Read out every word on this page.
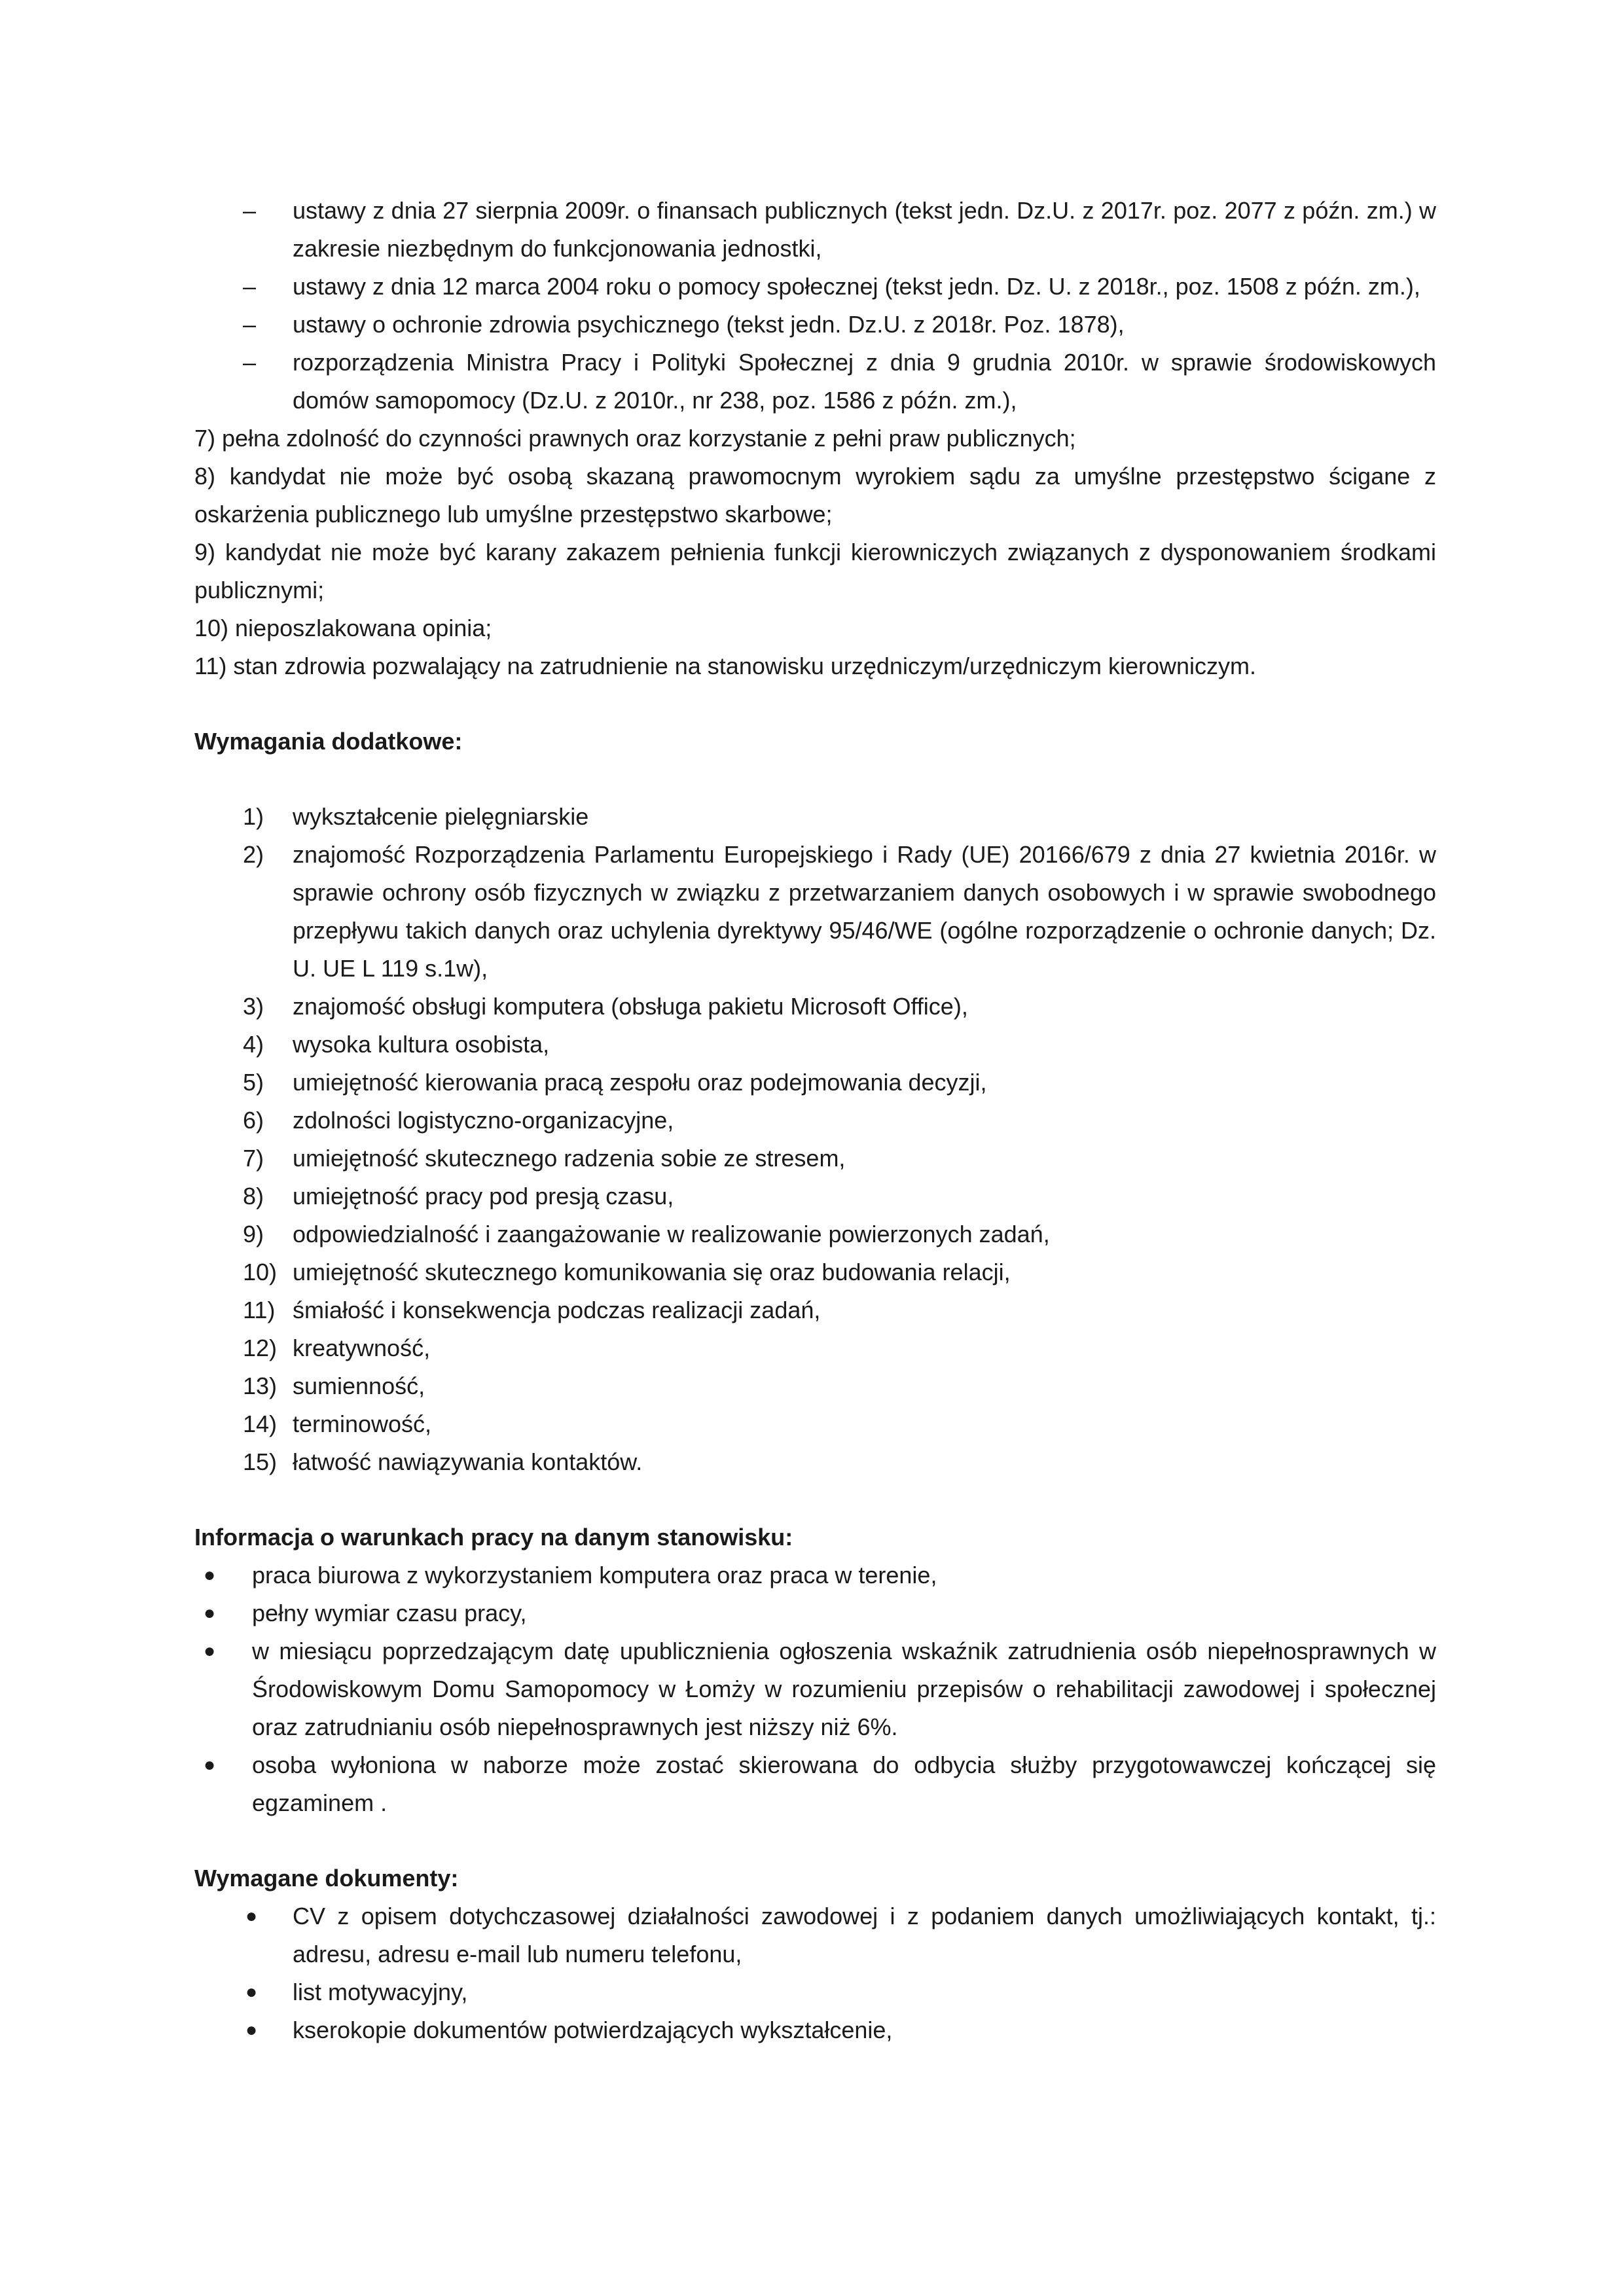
– ustawy z dnia 27 sierpnia 2009r. o finansach publicznych (tekst jedn. Dz.U. z 2017r. poz. 2077 z późn. zm.) w zakresie niezbędnym do funkcjonowania jednostki,
– ustawy z dnia 12 marca 2004 roku o pomocy społecznej (tekst jedn. Dz. U. z 2018r., poz. 1508 z późn. zm.),
– ustawy o ochronie zdrowia psychicznego (tekst jedn. Dz.U. z 2018r. Poz. 1878),
– rozporządzenia Ministra Pracy i Polityki Społecznej z dnia 9 grudnia 2010r. w sprawie środowiskowych domów samopomocy (Dz.U. z 2010r., nr 238, poz. 1586 z późn. zm.),

7) pełna zdolność do czynności prawnych oraz korzystanie z pełni praw publicznych;

8) kandydat nie może być osobą skazaną prawomocnym wyrokiem sądu za umyślne przestępstwo ścigane z oskarżenia publicznego lub umyślne przestępstwo skarbowe;

9) kandydat nie może być karany zakazem pełnienia funkcji kierowniczych związanych z dysponowaniem środkami publicznymi;

10) nieposzlakowana opinia;

11) stan zdrowia pozwalający na zatrudnienie na stanowisku urzędniczym/urzędniczym kierowniczym.

Wymagania dodatkowe:
1) wykształcenie pielęgniarskie
2) znajomość Rozporządzenia Parlamentu Europejskiego i Rady (UE) 20166/679 z dnia 27 kwietnia 2016r. w sprawie ochrony osób fizycznych w związku z przetwarzaniem danych osobowych i w sprawie swobodnego przepływu takich danych oraz uchylenia dyrektywy 95/46/WE (ogólne rozporządzenie o ochronie danych; Dz. U. UE L 119 s.1w),
3) znajomość obsługi komputera (obsługa pakietu Microsoft Office),
4) wysoka kultura osobista,
5) umiejętność kierowania pracą zespołu oraz podejmowania decyzji,
6) zdolności logistyczno-organizacyjne,
7) umiejętność skutecznego radzenia sobie ze stresem,
8) umiejętność pracy pod presją czasu,
9) odpowiedzialność i zaangażowanie w realizowanie powierzonych zadań,
10) umiejętność skutecznego komunikowania się oraz budowania relacji,
11) śmiałość i konsekwencja podczas realizacji zadań,
12) kreatywność,
13) sumienność,
14) terminowość,
15) łatwość nawiązywania kontaktów.
Informacja o warunkach pracy na danym stanowisku:
● praca biurowa z wykorzystaniem komputera oraz praca w terenie,
● pełny wymiar czasu pracy,
● w miesiącu poprzedzającym datę upublicznienia ogłoszenia wskaźnik zatrudnienia osób niepełnosprawnych w Środowiskowym Domu Samopomocy w Łomży w rozumieniu przepisów o rehabilitacji zawodowej i społecznej oraz zatrudnianiu osób niepełnosprawnych jest niższy niż 6%.
● osoba wyłoniona w naborze może zostać skierowana do odbycia służby przygotowawczej kończącej się egzaminem .
Wymagane dokumenty:
● CV z opisem dotychczasowej działalności zawodowej i z podaniem danych umożliwiających kontakt, tj.: adresu, adresu e-mail lub numeru telefonu,
● list motywacyjny,
● kserokopie dokumentów potwierdzających wykształcenie,
